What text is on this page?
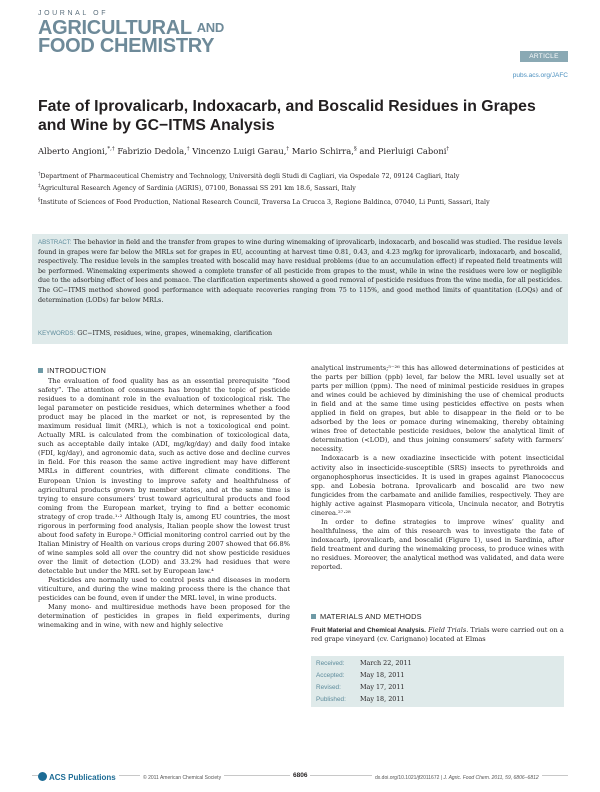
JOURNAL OF
AGRICULTURAL AND
FOOD CHEMISTRY	ARTICLE
pubs.acs.org/JAFC
Fate of Iprovalicarb, Indoxacarb, and Boscalid Residues in Grapes and Wine by GC−ITMS Analysis
Alberto Angioni,*,† Fabrizio Dedola,† Vincenzo Luigi Garau,† Mario Schirra,§ and Pierluigi Caboni†
†Department of Pharmaceutical Chemistry and Technology, Università degli Studi di Cagliari, via Ospedale 72, 09124 Cagliari, Italy
‡Agricultural Research Agency of Sardinia (AGRIS), 07100, Bonassai SS 291 km 18.6, Sassari, Italy
§Institute of Sciences of Food Production, National Research Council, Traversa La Crucca 3, Regione Baldinca, 07040, Li Punti, Sassari, Italy
ABSTRACT: The behavior in field and the transfer from grapes to wine during winemaking of iprovalicarb, indoxacarb, and boscalid was studied. The residue levels found in grapes were far below the MRLs set for grapes in EU, accounting at harvest time 0.81, 0.43, and 4.23 mg/kg for iprovalicarb, indoxacarb, and boscalid, respectively. The residue levels in the samples treated with boscalid may have residual problems (due to an accumulation effect) if repeated field treatments will be performed. Winemaking experiments showed a complete transfer of all pesticide from grapes to the must, while in wine the residues were low or negligible due to the adsorbing effect of lees and pomace. The clarification experiments showed a good removal of pesticide residues from the wine media, for all pesticides. The GC−ITMS method showed good performance with adequate recoveries ranging from 75 to 115%, and good method limits of quantitation (LOQs) and of determination (LODs) far below MRLs.
KEYWORDS: GC−ITMS, residues, wine, grapes, winemaking, clarification
INTRODUCTION

The evaluation of food quality has as an essential prerequisite “food safety”. The attention of consumers has brought the topic of pesticide residues to a dominant role in the evaluation of toxicological risk. The legal parameter on pesticide residues, which determines whether a food product may be placed in the market or not, is represented by the maximum residual limit (MRL), which is not a toxicological end point. Actually MRL is calculated from the combination of toxicological data, such as acceptable daily intake (ADI, mg/kg/day) and daily food intake (FDI, kg/day), and agronomic data, such as active dose and decline curves in field. For this reason the same active ingredient may have different MRLs in different countries, with different climate conditions. The European Union is investing to improve safety and healthfulness of agricultural products grown by member states, and at the same time is trying to ensure consumers’ trust toward agricultural products and food coming from the European market, trying to find a better economic strategy of crop trade.¹·² Although Italy is, among EU countries, the most rigorous in performing food analysis, Italian people show the lowest trust about food safety in Europe.³ Official monitoring control carried out by the Italian Ministry of Health on various crops during 2007 showed that 66.8% of wine samples sold all over the country did not show pesticide residues over the limit of detection (LOD) and 33.2% had residues that were detectable but under the MRL set by European law.⁴

Pesticides are normally used to control pests and diseases in modern viticulture, and during the wine making process there is the chance that pesticides can be found, even if under the MRL level, in wine products.

Many mono- and multiresidue methods have been proposed for the determination of pesticides in grapes in field experiments, during winemaking and in wine, with new and highly selective

analytical instruments;⁵⁻²⁶ this has allowed determinations of pesticides at the parts per billion (ppb) level, far below the MRL level usually set at parts per million (ppm). The need of minimal pesticide residues in grapes and wines could be achieved by diminishing the use of chemical products in field and at the same time using pesticides effective on pests when applied in field on grapes, but able to disappear in the field or to be adsorbed by the lees or pomace during winemaking, thereby obtaining wines free of detectable pesticide residues, below the analytical limit of determination (<LOD), and thus joining consumers’ safety with farmers’ necessity.

Indoxacarb is a new oxadiazine insecticide with potent insecticidal activity also in insecticide-susceptible (SRS) insects to pyrethroids and organophosphorus insecticides. It is used in grapes against Planococcus spp. and Lobesia botrana. Iprovalicarb and boscalid are two new fungicides from the carbamate and anilide families, respectively. They are highly active against Plasmopara viticola, Uncinula necator, and Botrytis cinerea.²⁷·²⁸

In order to define strategies to improve wines’ quality and healthfulness, the aim of this research was to investigate the fate of indoxacarb, iprovalicarb, and boscalid (Figure 1), used in Sardinia, after field treatment and during the winemaking process, to produce wines with no residues. Moreover, the analytical method was validated, and data were reported.

MATERIALS AND METHODS
Fruit Material and Chemical Analysis. Field Trials. Trials were carried out on a red grape vineyard (cv. Carignano) located at Elmas
Received: March 22, 2011
Accepted: May 18, 2011
Revised:	May 17, 2011
Published: May 18, 2011
ACS Publications	© 2011 American Chemical Society	6806	dx.doi.org/10.1021/jf2011672 | J. Agric. Food Chem. 2011, 59, 6806−6812
